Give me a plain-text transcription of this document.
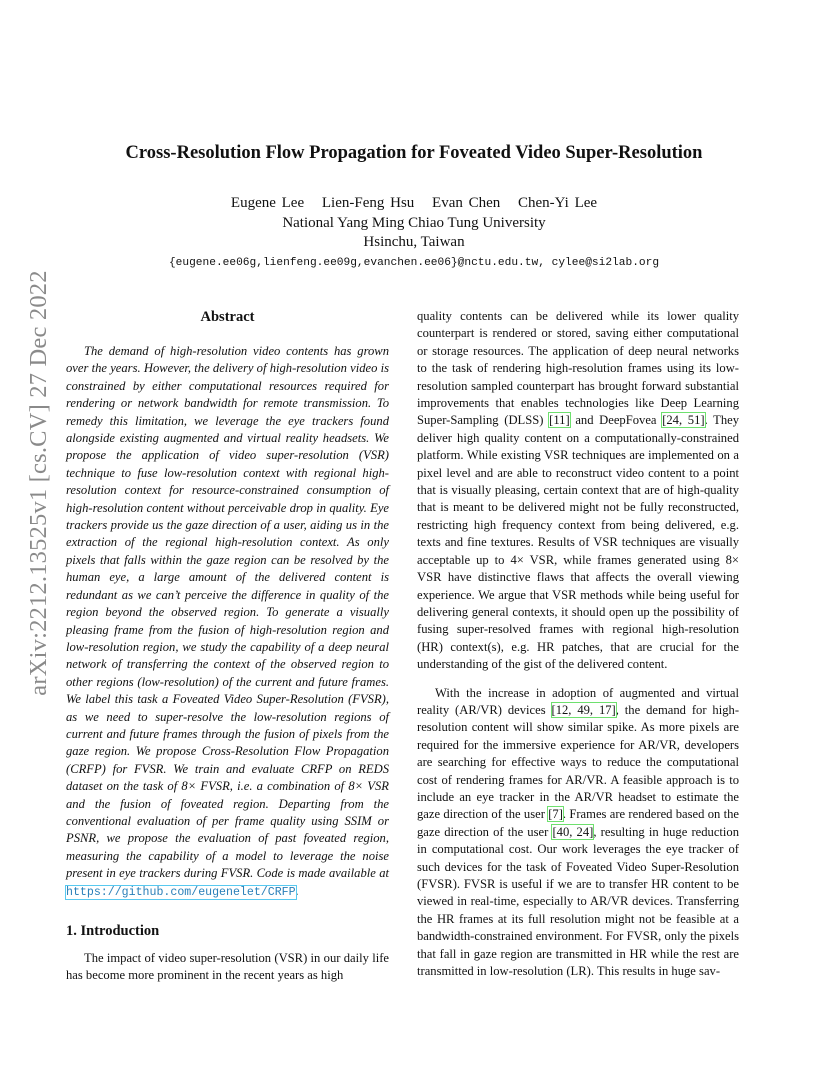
arXiv:2212.13525v1 [cs.CV] 27 Dec 2022
Cross-Resolution Flow Propagation for Foveated Video Super-Resolution
Eugene Lee Lien-Feng Hsu Evan Chen Chen-Yi Lee
National Yang Ming Chiao Tung University
Hsinchu, Taiwan
{eugene.ee06g,lienfeng.ee09g,evanchen.ee06}@nctu.edu.tw, cylee@si2lab.org
Abstract

The demand of high-resolution video contents has grown over the years. However, the delivery of high-resolution video is constrained by either computational resources required for rendering or network bandwidth for remote transmission. To remedy this limitation, we leverage the eye trackers found alongside existing augmented and virtual reality headsets. We propose the application of video super-resolution (VSR) technique to fuse low-resolution context with regional high-resolution context for resource-constrained consumption of high-resolution content without perceivable drop in quality. Eye trackers provide us the gaze direction of a user, aiding us in the extraction of the regional high-resolution context. As only pixels that falls within the gaze region can be resolved by the human eye, a large amount of the delivered content is redundant as we can’t perceive the difference in quality of the region beyond the observed region. To generate a visually pleasing frame from the fusion of high-resolution region and low-resolution region, we study the capability of a deep neural network of transferring the context of the observed region to other regions (low-resolution) of the current and future frames. We label this task a Foveated Video Super-Resolution (FVSR), as we need to super-resolve the low-resolution regions of current and future frames through the fusion of pixels from the gaze region. We propose Cross-Resolution Flow Propagation (CRFP) for FVSR. We train and evaluate CRFP on REDS dataset on the task of 8× FVSR, i.e. a combination of 8× VSR and the fusion of foveated region. Departing from the conventional evaluation of per frame quality using SSIM or PSNR, we propose the evaluation of past foveated region, measuring the capability of a model to leverage the noise present in eye trackers during FVSR. Code is made available at https://github.com/eugenelet/CRFP.

1. Introduction

The impact of video super-resolution (VSR) in our daily life has become more prominent in the recent years as high

quality contents can be delivered while its lower quality counterpart is rendered or stored, saving either computational or storage resources. The application of deep neural networks to the task of rendering high-resolution frames using its low-resolution sampled counterpart has brought forward substantial improvements that enables technologies like Deep Learning Super-Sampling (DLSS) [11] and DeepFovea [24, 51]. They deliver high quality content on a computationally-constrained platform. While existing VSR techniques are implemented on a pixel level and are able to reconstruct video content to a point that is visually pleasing, certain context that are of high-quality that is meant to be delivered might not be fully reconstructed, restricting high frequency context from being delivered, e.g. texts and fine textures. Results of VSR techniques are visually acceptable up to 4× VSR, while frames generated using 8× VSR have distinctive flaws that affects the overall viewing experience. We argue that VSR methods while being useful for delivering general contexts, it should open up the possibility of fusing super-resolved frames with regional high-resolution (HR) context(s), e.g. HR patches, that are crucial for the understanding of the gist of the delivered content.

With the increase in adoption of augmented and virtual reality (AR/VR) devices [12, 49, 17], the demand for high-resolution content will show similar spike. As more pixels are required for the immersive experience for AR/VR, developers are searching for effective ways to reduce the computational cost of rendering frames for AR/VR. A feasible approach is to include an eye tracker in the AR/VR headset to estimate the gaze direction of the user [7]. Frames are rendered based on the gaze direction of the user [40, 24], resulting in huge reduction in computational cost. Our work leverages the eye tracker of such devices for the task of Foveated Video Super-Resolution (FVSR). FVSR is useful if we are to transfer HR content to be viewed in real-time, especially to AR/VR devices. Transferring the HR frames at its full resolution might not be feasible at a bandwidth-constrained environment. For FVSR, only the pixels that fall in gaze region are transmitted in HR while the rest are transmitted in low-resolution (LR). This results in huge sav-
